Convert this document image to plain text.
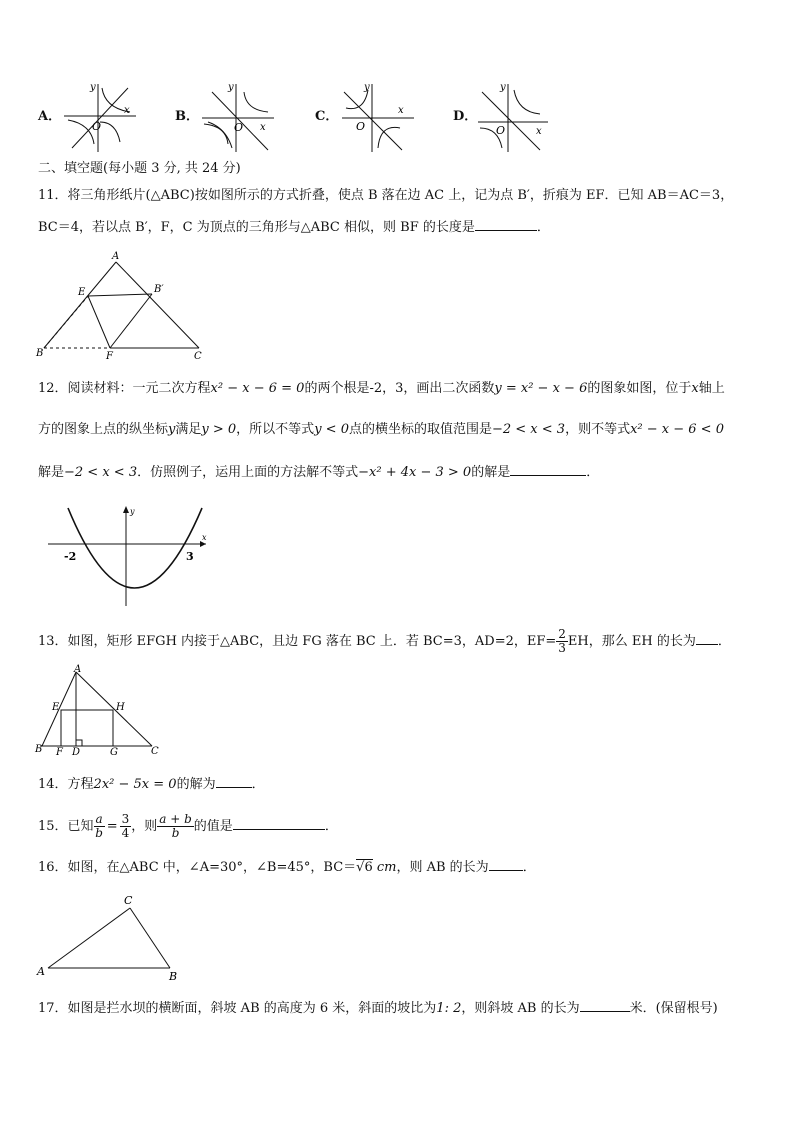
A．
y
x
O
B．
y
x
O
C．
y
x
O
D．
y
x
O
二、填空题(每小题 3 分, 共 24 分)
11．将三角形纸片(△ABC)按如图所示的方式折叠，使点 B 落在边 AC 上，记为点 B′，折痕为 EF．已知 AB＝AC＝3，
BC＝4，若以点 B′，F，C 为顶点的三角形与△ABC 相似，则 BF 的长度是	．
A
E	B′
B	F	C
12．阅读材料：一元二次方程x² − x − 6 = 0的两个根是-2，3，画出二次函数y = x² − x − 6的图象如图，位于x轴上
方的图象上点的纵坐标y满足y > 0，所以不等式y < 0点的横坐标的取值范围是−2 < x < 3，则不等式x² − x − 6 < 0
解是−2 < x < 3．仿照例子，运用上面的方法解不等式−x² + 4x − 3 > 0的解是	．
-2	3
y
x
13．如图，矩形 EFGH 内接于△ABC，且边 FG 落在 BC 上．若 BC=3，AD=2，$EF= \frac{2}{3}$ EH，那么 EH 的长为 ．
A
E	H
B F D	G	C
14．方程2x² − 5x = 0的解为	．
15．已知 $\frac{a}{b} = \frac{3}{4}$ ，则 $\frac{a + b}{b}$ 的值是	．
16．如图，在△ABC 中，∠A=30°，∠B=45°，BC＝√6 cm，则 AB 的长为	．
C
A	B
17．如图是拦水坝的横断面，斜坡 AB 的高度为 6 米，斜面的坡比为1: 2，则斜坡 AB 的长为	米．(保留根号)
